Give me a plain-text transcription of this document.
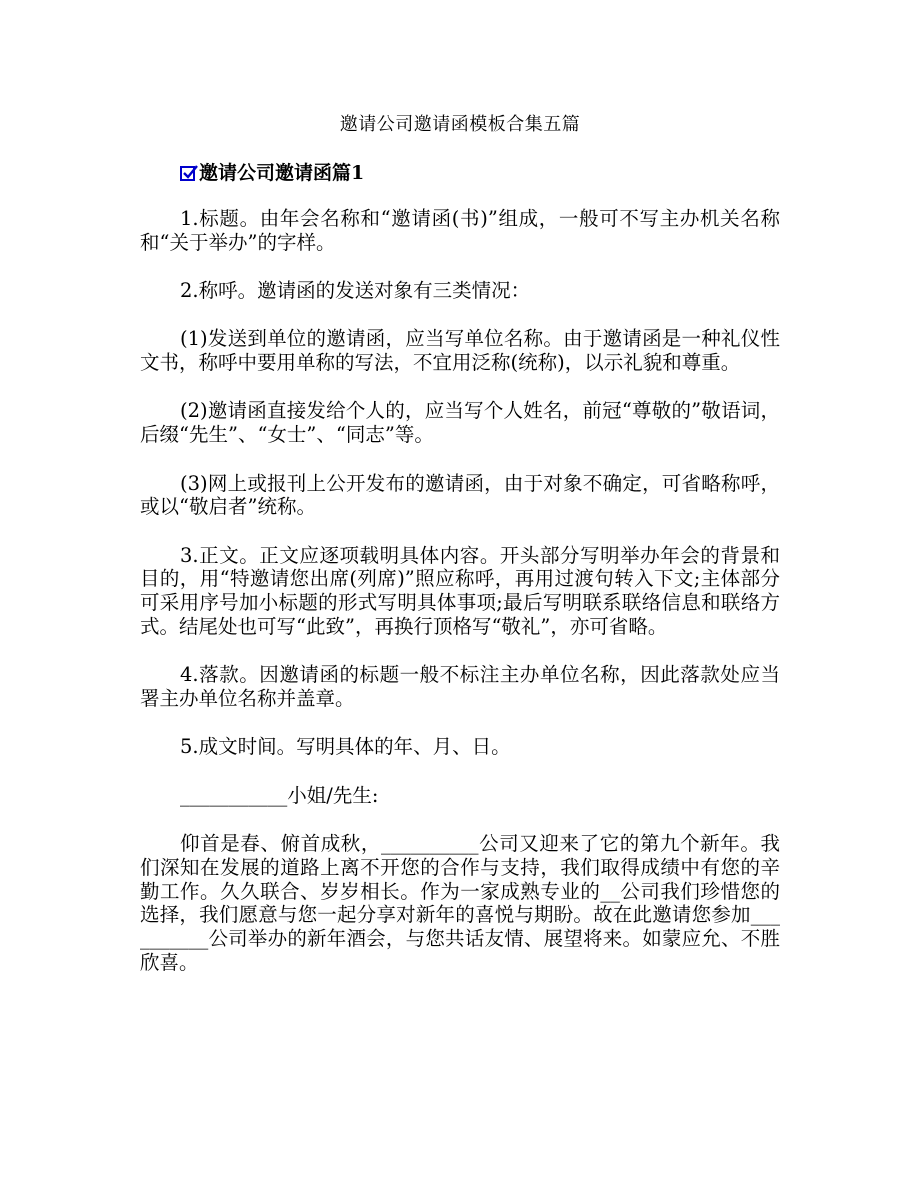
邀请公司邀请函模板合集五篇
邀请公司邀请函篇1

1.标题。由年会名称和“邀请函(书)”组成，一般可不写主办机关名称和“关于举办”的字样。

2.称呼。邀请函的发送对象有三类情况：

(1)发送到单位的邀请函，应当写单位名称。由于邀请函是一种礼仪性文书，称呼中要用单称的写法，不宜用泛称(统称)，以示礼貌和尊重。

(2)邀请函直接发给个人的，应当写个人姓名，前冠“尊敬的”敬语词，后缀“先生”、“女士”、“同志”等。

(3)网上或报刊上公开发布的邀请函，由于对象不确定，可省略称呼，或以“敬启者”统称。

3.正文。正文应逐项载明具体内容。开头部分写明举办年会的背景和目的，用“特邀请您出席(列席)”照应称呼，再用过渡句转入下文;主体部分可采用序号加小标题的形式写明具体事项;最后写明联系联络信息和联络方式。结尾处也可写“此致”，再换行顶格写“敬礼”，亦可省略。

4.落款。因邀请函的标题一般不标注主办单位名称，因此落款处应当署主办单位名称并盖章。

5.成文时间。写明具体的年、月、日。

___________小姐/先生:

仰首是春、俯首成秋，__________公司又迎来了它的第九个新年。我们深知在发展的道路上离不开您的合作与支持，我们取得成绩中有您的辛勤工作。久久联合、岁岁相长。作为一家成熟专业的__公司我们珍惜您的选择，我们愿意与您一起分享对新年的喜悦与期盼。故在此邀请您参加__________公司举办的新年酒会，与您共话友情、展望将来。如蒙应允、不胜欣喜。
